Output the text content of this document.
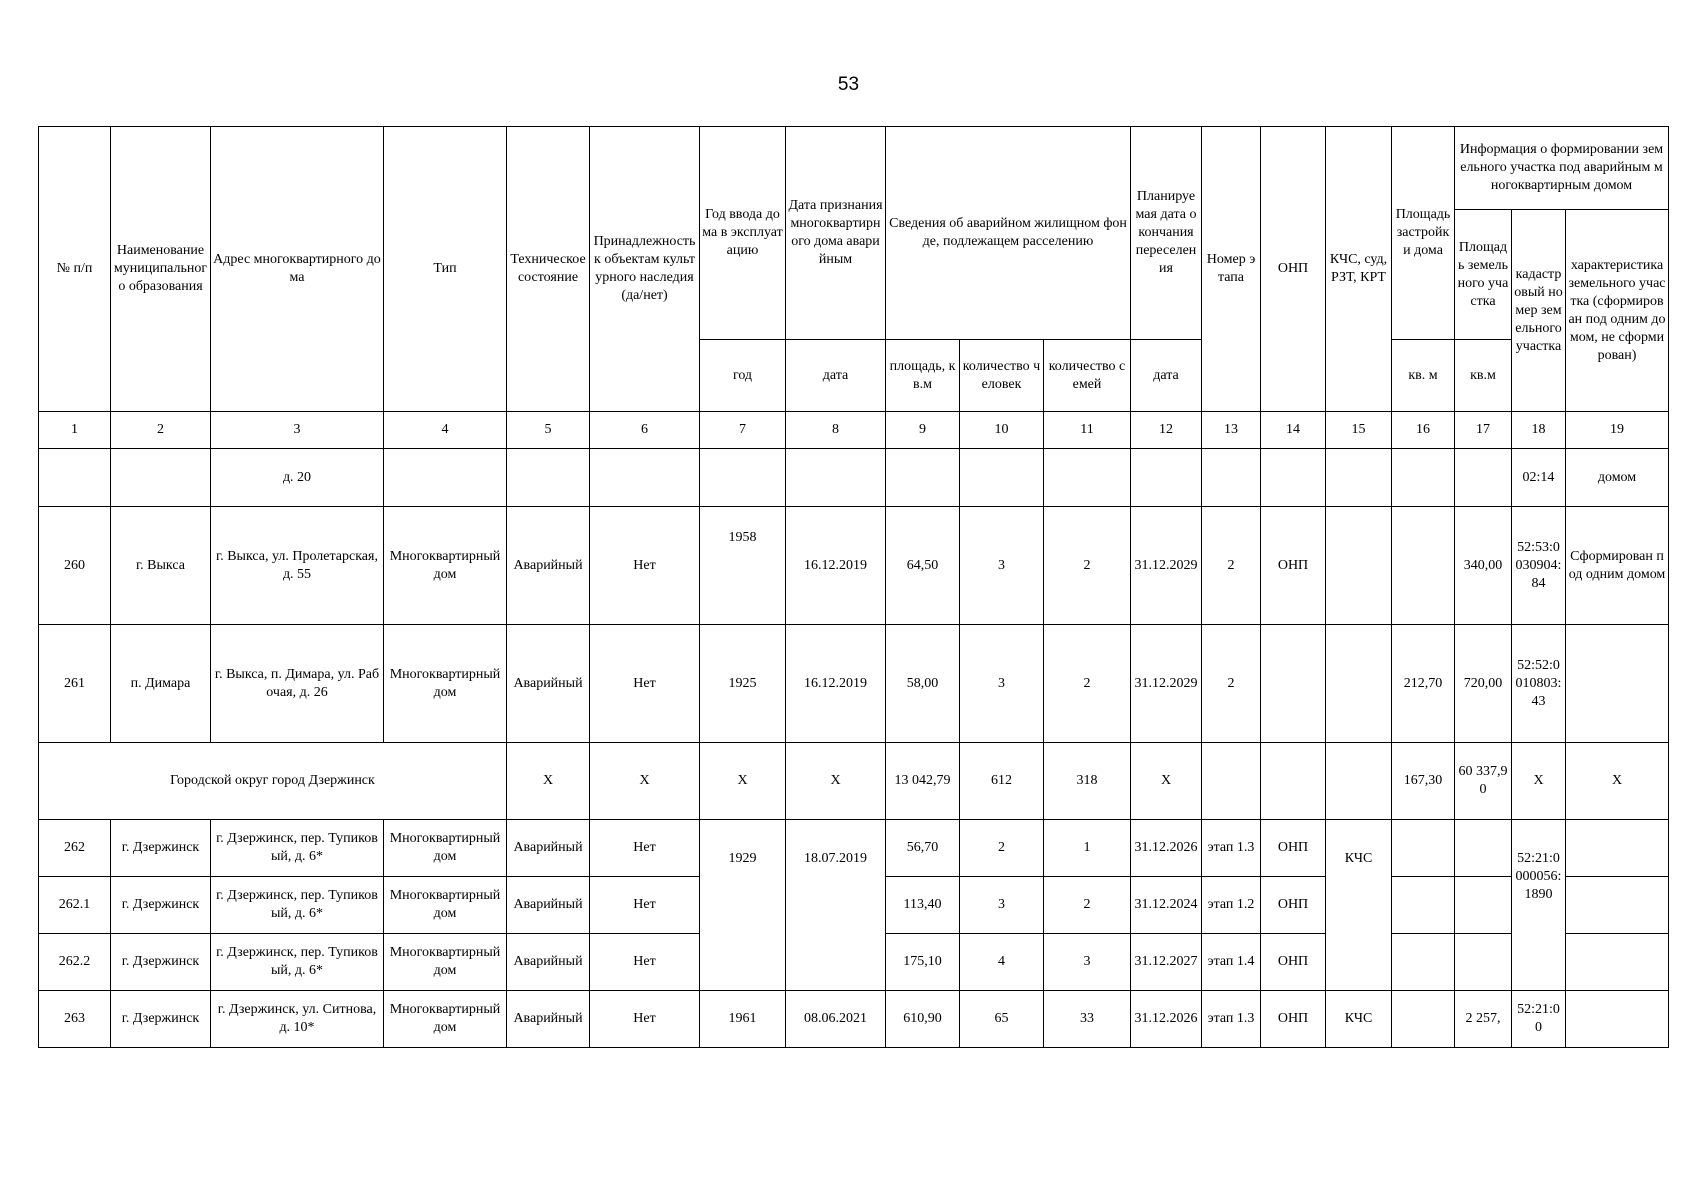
53
№ п/п	Наименование муниципального образования	Адрес многоквартирного дома	Тип	Техническое состояние	Принадлежность к объектам культурного наследия (да/нет)	Год ввода дома в эксплуатацию	Дата признания многоквартирного дома аварийным	Сведения об аварийном жилищном фонде, подлежащем расселению			Планируемая дата окончания переселения	Номер этапа	ОНП	КЧС, суд, РЗТ, КРТ	Площадь застройки дома	Информация о формировании земельного участка под аварийным многоквартирным домом		
																Площадь земельного участка	кадастровый номер земельного участка	характеристика земельного участка (сформирован под одним домом, не сформирован)
						год	дата	площадь, кв.м	количество человек	количество семей	дата				кв. м	кв.м		
1	2	3	4	5	6	7	8	9	10	11	12	13	14	15	16	17	18	19
		д. 20															02:14	домом
260	г. Выкса	г. Выкса, ул. Пролетарская, д. 55	Многоквартирный дом	Аварийный	Нет	1958	16.12.2019	64,50	3	2	31.12.2029	2	ОНП			340,00	52:53:0030904:84	Сформирован под одним домом
261	п. Димара	г. Выкса, п. Димара, ул. Рабочая, д. 26	Многоквартирный дом	Аварийный	Нет	1925	16.12.2019	58,00	3	2	31.12.2029	2			212,70	720,00	52:52:0010803:43	
Городской округ город Дзержинск				Х	Х	Х	Х	13 042,79	612	318	Х				167,30	60 337,90	Х	Х
262	г. Дзержинск	г. Дзержинск, пер. Тупиковый, д. 6*	Многоквартирный дом	Аварийный	Нет	1929	18.07.2019	56,70	2	1	31.12.2026	этап 1.3	ОНП	КЧС			52:21:0000056:1890	
262.1	г. Дзержинск	г. Дзержинск, пер. Тупиковый, д. 6*	Многоквартирный дом	Аварийный	Нет			113,40	3	2	31.12.2024	этап 1.2	ОНП					
262.2	г. Дзержинск	г. Дзержинск, пер. Тупиковый, д. 6*	Многоквартирный дом	Аварийный	Нет			175,10	4	3	31.12.2027	этап 1.4	ОНП					
263	г. Дзержинск	г. Дзержинск, ул. Ситнова, д. 10*	Многоквартирный дом	Аварийный	Нет	1961	08.06.2021	610,90	65	33	31.12.2026	этап 1.3	ОНП	КЧС		2 257,	52:21:00	
